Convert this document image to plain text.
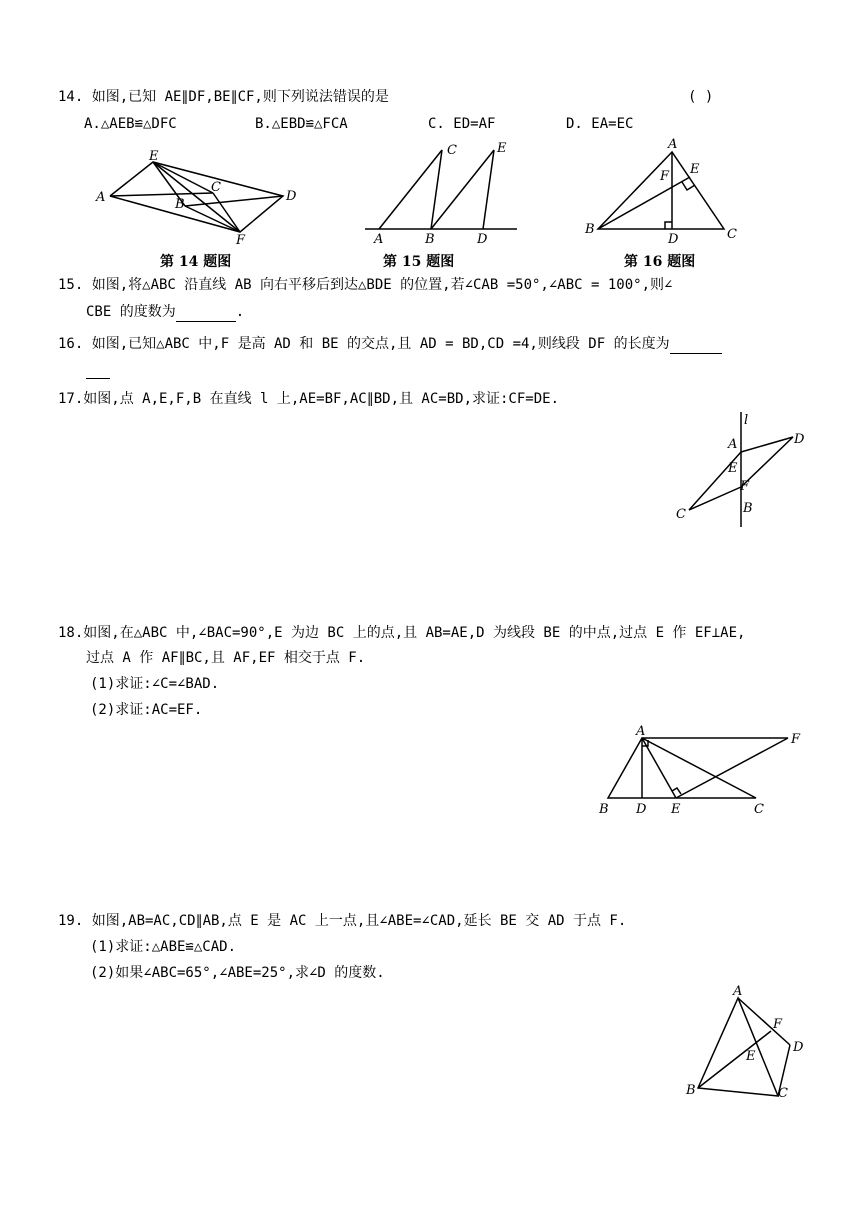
14. 如图,已知 AE∥DF,BE∥CF,则下列说法错误的是	( )
A.△AEB≌△DFC	B.△EBD≌△FCA	C. ED=AF	D. EA=EC
E
A	B
C
D
F
第 14 题图
C	E
A	B	D
第 15 题图
A
E
F
B
D	C
第 16 题图
15. 如图,将△ABC 沿直线 AB 向右平移后到达△BDE 的位置,若∠CAB =50°,∠ABC = 100°,则∠
CBE 的度数为	.
16. 如图,已知△ABC 中,F 是高 AD 和 BE 的交点,且 AD = BD,CD =4,则线段 DF 的长度为

17.如图,点 A,E,F,B 在直线 l 上,AE=BF,AC∥BD,且 AC=BD,求证:CF=DE.
l
A	D
E
F
C	B
18.如图,在△ABC 中,∠BAC=90°,E 为边 BC 上的点,且 AB=AE,D 为线段 BE 的中点,过点 E 作 EF⊥AE,
过点 A 作 AF∥BC,且 AF,EF 相交于点 F.
(1)求证:∠C=∠BAD.
(2)求证:AC=EF.
A
F
B D E	C
19. 如图,AB=AC,CD∥AB,点 E 是 AC 上一点,且∠ABE=∠CAD,延长 BE 交 AD 于点 F.
(1)求证:△ABE≌△CAD.
(2)如果∠ABC=65°,∠ABE=25°,求∠D 的度数.
A
F
D
E
B	C
